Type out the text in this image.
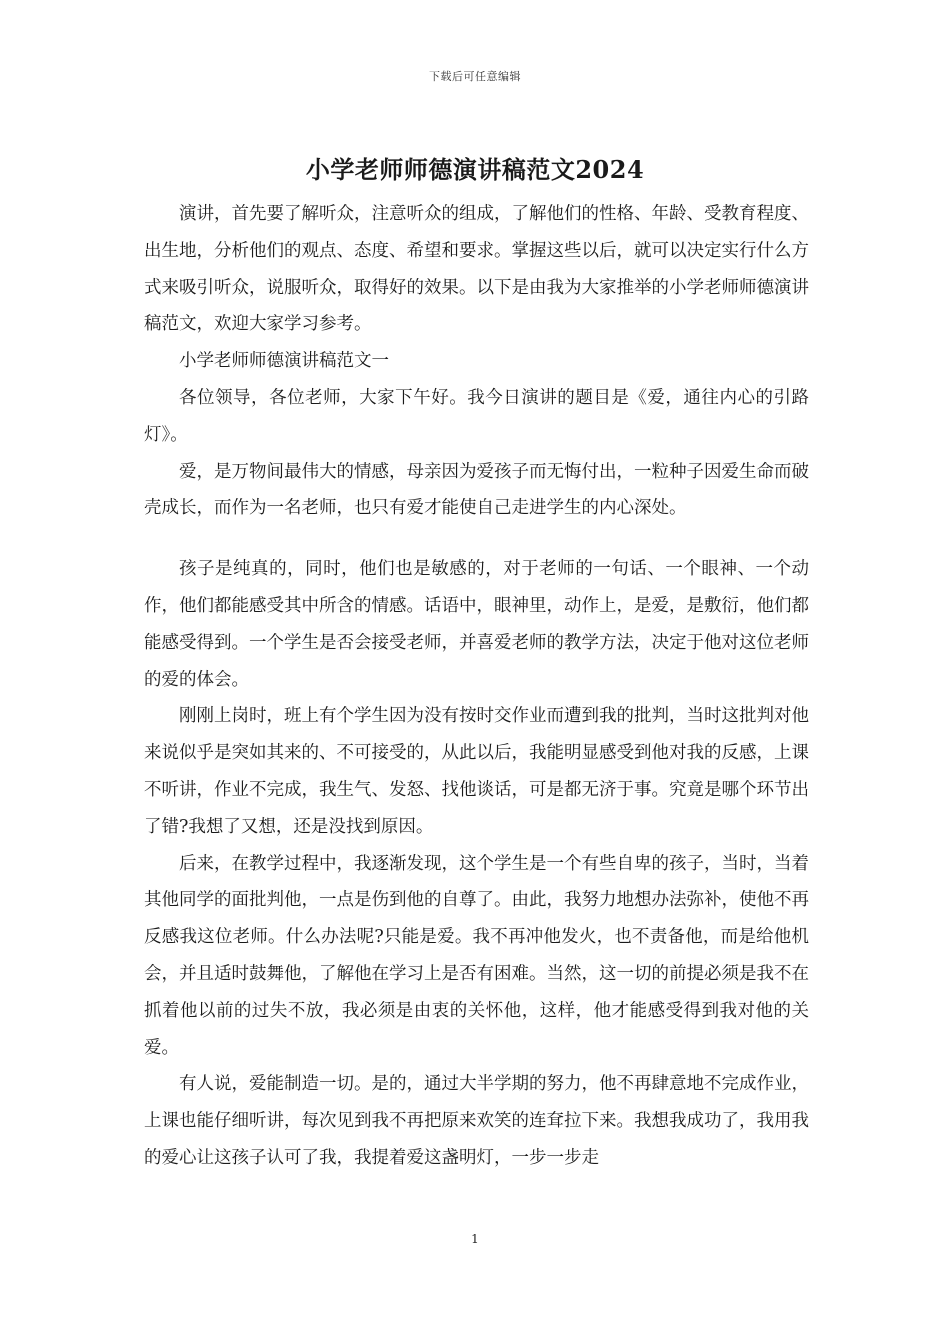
下载后可任意编辑
小学老师师德演讲稿范文2024

演讲，首先要了解听众，注意听众的组成，了解他们的性格、年龄、受教育程度、出生地，分析他们的观点、态度、希望和要求。掌握这些以后，就可以决定实行什么方式来吸引听众，说服听众，取得好的效果。以下是由我为大家推举的小学老师师德演讲稿范文，欢迎大家学习参考。

小学老师师德演讲稿范文一

各位领导，各位老师，大家下午好。我今日演讲的题目是《爱，通往内心的引路灯》。

爱，是万物间最伟大的情感，母亲因为爱孩子而无悔付出，一粒种子因爱生命而破壳成长，而作为一名老师，也只有爱才能使自己走进学生的内心深处。

孩子是纯真的，同时，他们也是敏感的，对于老师的一句话、一个眼神、一个动作，他们都能感受其中所含的情感。话语中，眼神里，动作上，是爱，是敷衍，他们都能感受得到。一个学生是否会接受老师，并喜爱老师的教学方法，决定于他对这位老师的爱的体会。

刚刚上岗时，班上有个学生因为没有按时交作业而遭到我的批判，当时这批判对他来说似乎是突如其来的、不可接受的，从此以后，我能明显感受到他对我的反感，上课不听讲，作业不完成，我生气、发怒、找他谈话，可是都无济于事。究竟是哪个环节出了错?我想了又想，还是没找到原因。

后来，在教学过程中，我逐渐发现，这个学生是一个有些自卑的孩子，当时，当着其他同学的面批判他，一点是伤到他的自尊了。由此，我努力地想办法弥补，使他不再反感我这位老师。什么办法呢?只能是爱。我不再冲他发火，也不责备他，而是给他机会，并且适时鼓舞他，了解他在学习上是否有困难。当然，这一切的前提必须是我不在抓着他以前的过失不放，我必须是由衷的关怀他，这样，他才能感受得到我对他的关爱。

有人说，爱能制造一切。是的，通过大半学期的努力，他不再肆意地不完成作业，上课也能仔细听讲，每次见到我不再把原来欢笑的连耷拉下来。我想我成功了，我用我的爱心让这孩子认可了我，我提着爱这盏明灯，一步一步走

1
